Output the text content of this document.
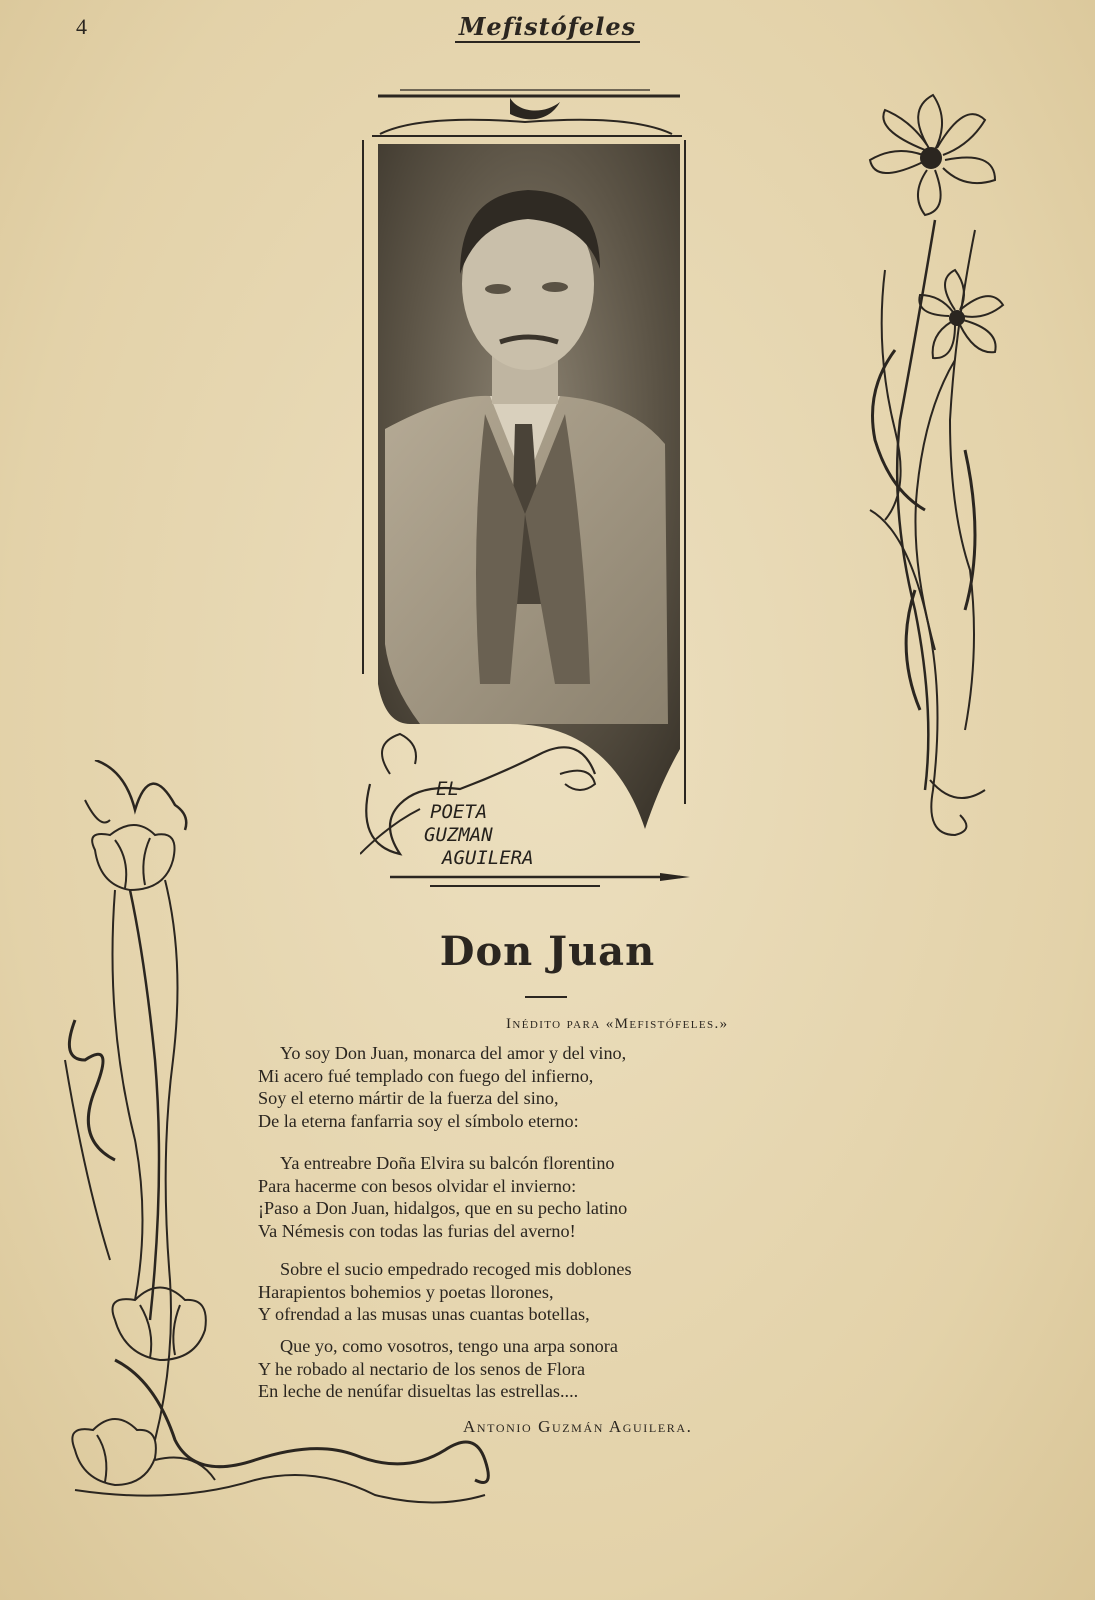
4	Mefistófeles
EL
POETA
GUZMAN
AGUILERA
Don Juan
Inédito para «Mefistófeles.»
Yo soy Don Juan, monarca del amor y del vino,
Mi acero fué templado con fuego del infierno,
Soy el eterno mártir de la fuerza del sino,
De la eterna fanfarria soy el símbolo eterno:
Ya entreabre Doña Elvira su balcón florentino
Para hacerme con besos olvidar el invierno:
¡Paso a Don Juan, hidalgos, que en su pecho latino
Va Némesis con todas las furias del averno!
Sobre el sucio empedrado recoged mis doblones
Harapientos bohemios y poetas llorones,
Y ofrendad a las musas unas cuantas botellas,
Que yo, como vosotros, tengo una arpa sonora
Y he robado al nectario de los senos de Flora
En leche de nenúfar disueltas las estrellas....
Antonio Guzmán Aguilera.
